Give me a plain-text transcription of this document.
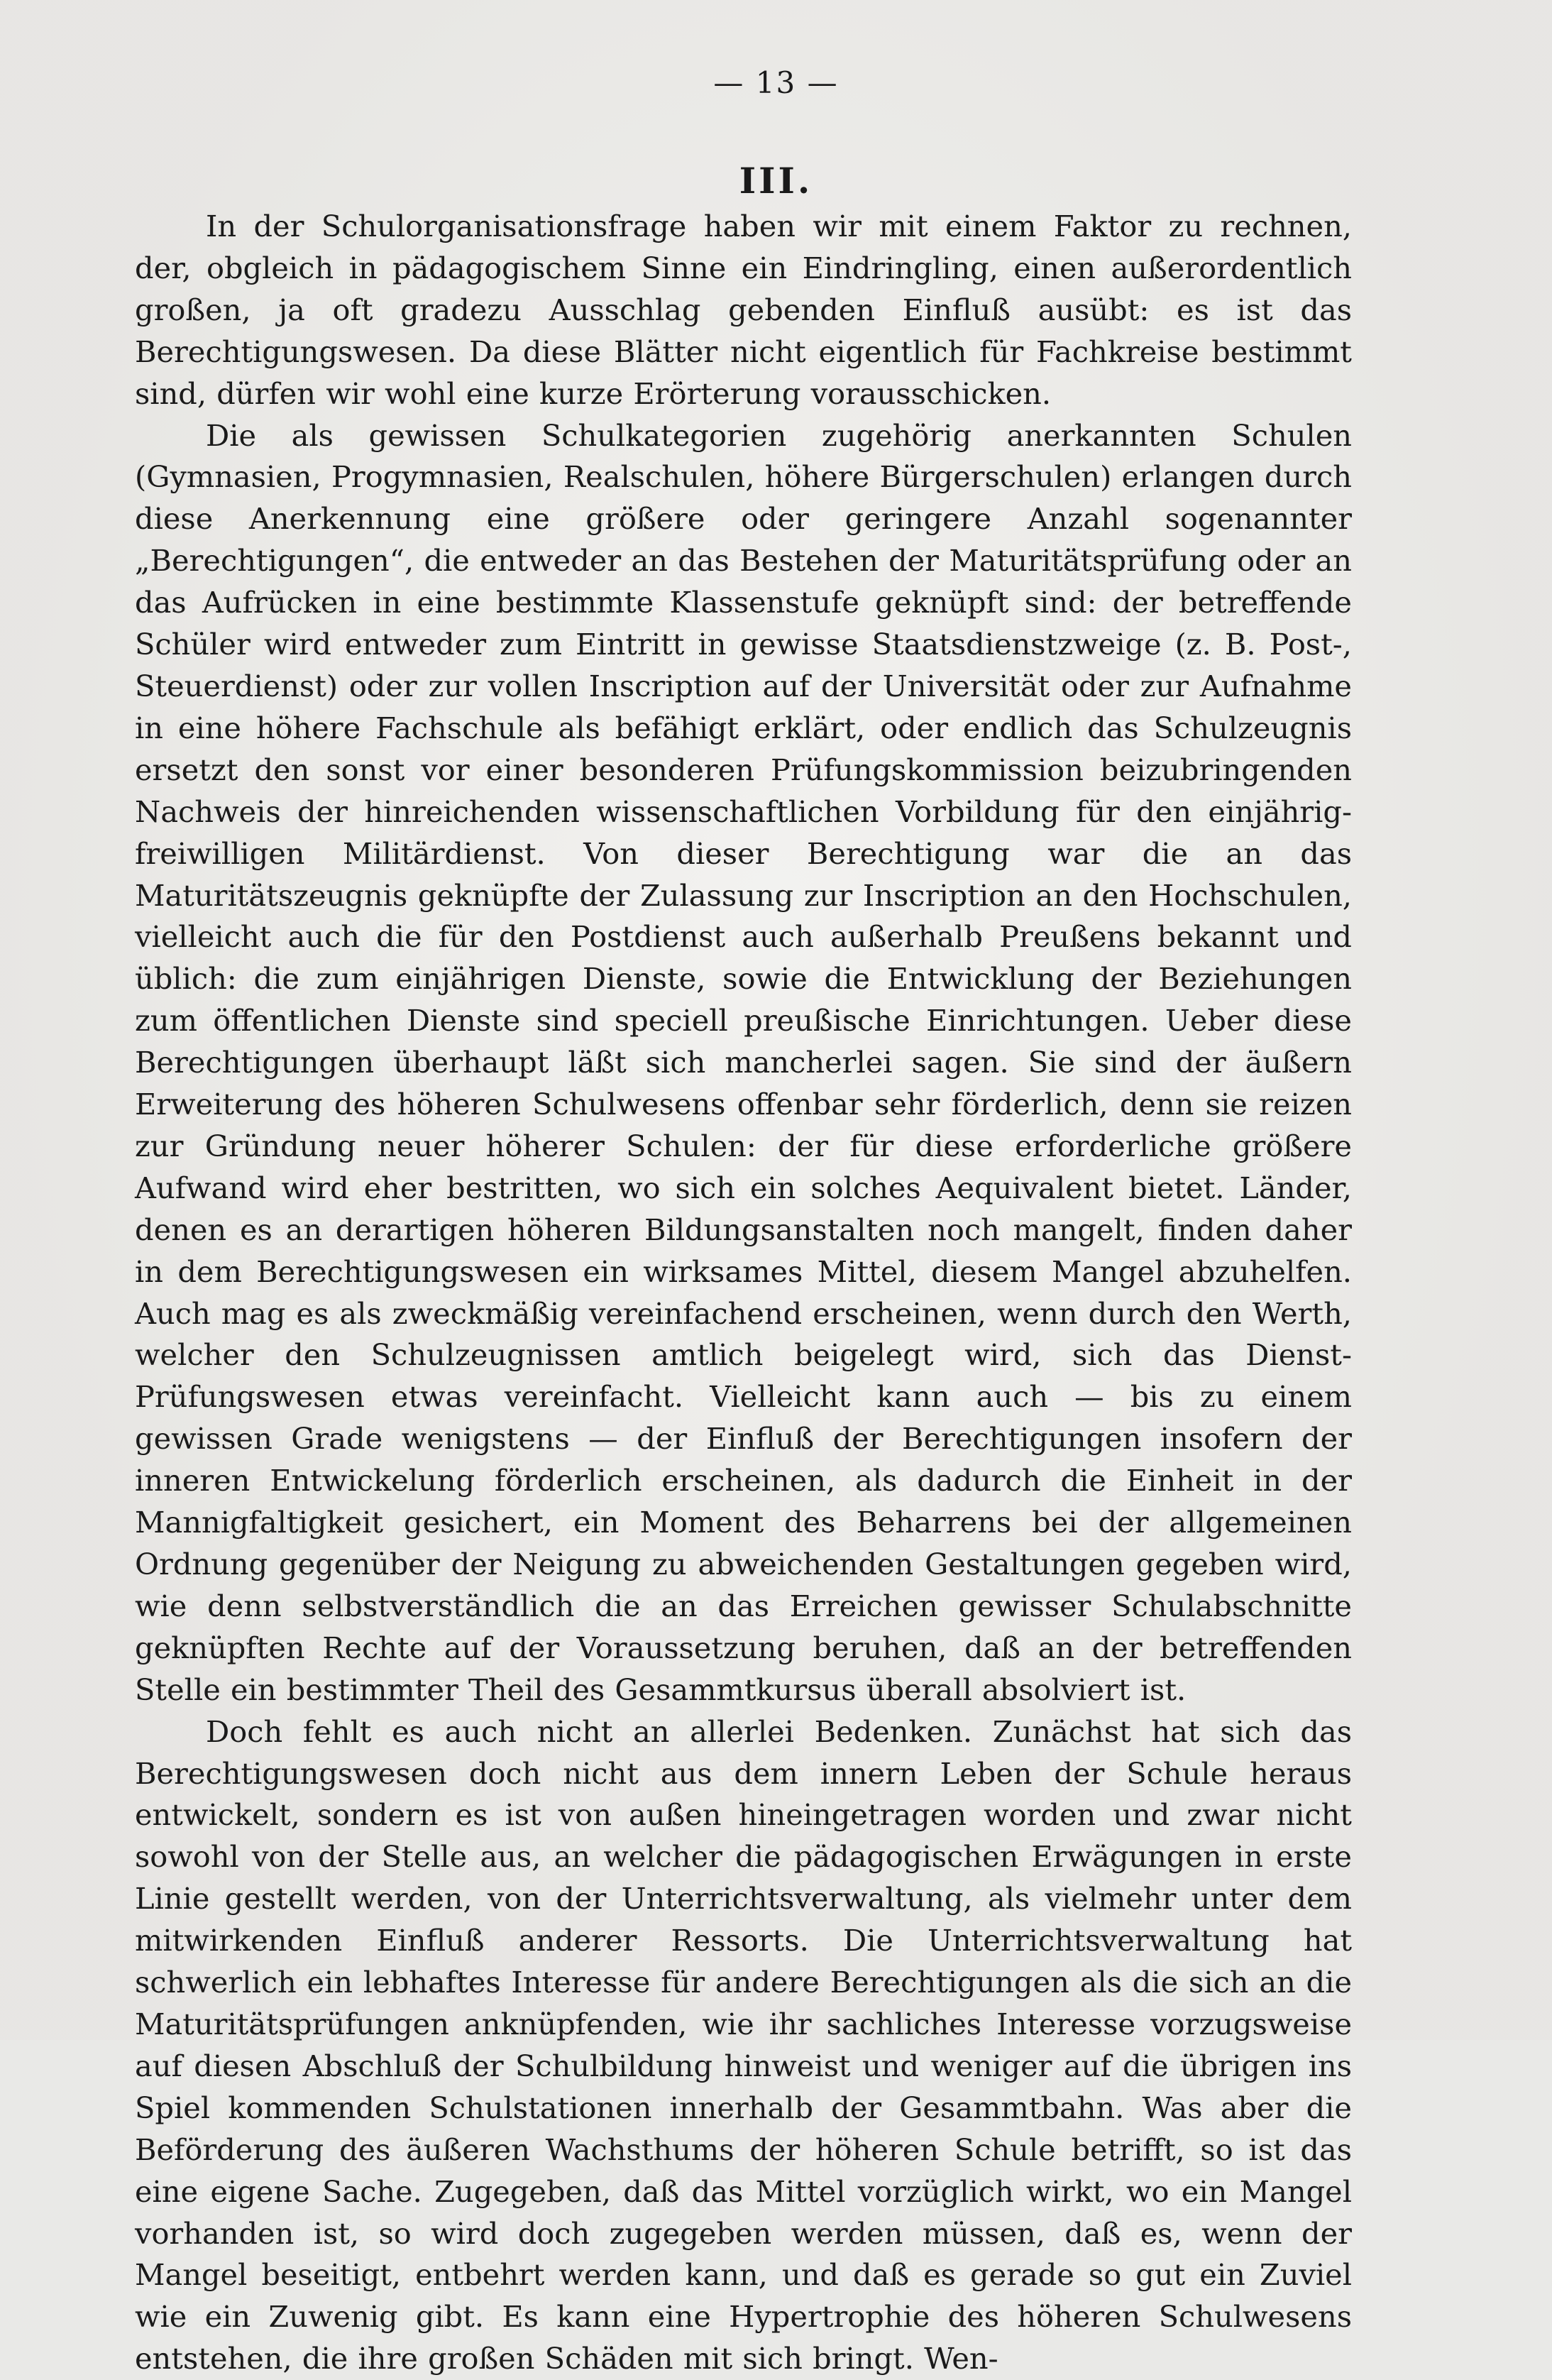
— 13 —
III.

In der Schulorganisationsfrage haben wir mit einem Faktor zu rechnen, der, obgleich in pädagogischem Sinne ein Eindringling, einen außerordentlich großen, ja oft gradezu Ausschlag gebenden Einfluß ausübt: es ist das Berechtigungswesen. Da diese Blätter nicht eigentlich für Fachkreise bestimmt sind, dürfen wir wohl eine kurze Erörterung vorausschicken.

Die als gewissen Schulkategorien zugehörig anerkannten Schulen (Gymnasien, Progymnasien, Realschulen, höhere Bürgerschulen) erlangen durch diese Anerkennung eine größere oder geringere Anzahl sogenannter „Berechtigungen“, die entweder an das Bestehen der Maturitätsprüfung oder an das Aufrücken in eine bestimmte Klassenstufe geknüpft sind: der betreffende Schüler wird entweder zum Eintritt in gewisse Staatsdienstzweige (z. B. Post-, Steuerdienst) oder zur vollen Inscription auf der Universität oder zur Aufnahme in eine höhere Fachschule als befähigt erklärt, oder endlich das Schulzeugnis ersetzt den sonst vor einer besonderen Prüfungskommission beizubringenden Nachweis der hinreichenden wissenschaftlichen Vorbildung für den einjährig-freiwilligen Militärdienst. Von dieser Berechtigung war die an das Maturitätszeugnis geknüpfte der Zulassung zur Inscription an den Hochschulen, vielleicht auch die für den Postdienst auch außerhalb Preußens bekannt und üblich: die zum einjährigen Dienste, sowie die Entwicklung der Beziehungen zum öffentlichen Dienste sind speciell preußische Einrichtungen. Ueber diese Berechtigungen überhaupt läßt sich mancherlei sagen. Sie sind der äußern Erweiterung des höheren Schulwesens offenbar sehr förderlich, denn sie reizen zur Gründung neuer höherer Schulen: der für diese erforderliche größere Aufwand wird eher bestritten, wo sich ein solches Aequivalent bietet. Länder, denen es an derartigen höheren Bildungsanstalten noch mangelt, finden daher in dem Berechtigungswesen ein wirksames Mittel, diesem Mangel abzuhelfen. Auch mag es als zweckmäßig vereinfachend erscheinen, wenn durch den Werth, welcher den Schulzeugnissen amtlich beigelegt wird, sich das Dienst-Prüfungswesen etwas vereinfacht. Vielleicht kann auch — bis zu einem gewissen Grade wenigstens — der Einfluß der Berechtigungen insofern der inneren Entwickelung förderlich erscheinen, als dadurch die Einheit in der Mannigfaltigkeit gesichert, ein Moment des Beharrens bei der allgemeinen Ordnung gegenüber der Neigung zu abweichenden Gestaltungen gegeben wird, wie denn selbstverständlich die an das Erreichen gewisser Schulabschnitte geknüpften Rechte auf der Voraussetzung beruhen, daß an der betreffenden Stelle ein bestimmter Theil des Gesammtkursus überall absolviert ist.

Doch fehlt es auch nicht an allerlei Bedenken. Zunächst hat sich das Berechtigungswesen doch nicht aus dem innern Leben der Schule heraus entwickelt, sondern es ist von außen hineingetragen worden und zwar nicht sowohl von der Stelle aus, an welcher die pädagogischen Erwägungen in erste Linie gestellt werden, von der Unterrichtsverwaltung, als vielmehr unter dem mitwirkenden Einfluß anderer Ressorts. Die Unterrichtsverwaltung hat schwerlich ein lebhaftes Interesse für andere Berechtigungen als die sich an die Maturitätsprüfungen anknüpfenden, wie ihr sachliches Interesse vorzugsweise auf diesen Abschluß der Schulbildung hinweist und weniger auf die übrigen ins Spiel kommenden Schulstationen innerhalb der Gesammtbahn. Was aber die Beförderung des äußeren Wachsthums der höheren Schule betrifft, so ist das eine eigene Sache. Zugegeben, daß das Mittel vorzüglich wirkt, wo ein Mangel vorhanden ist, so wird doch zugegeben werden müssen, daß es, wenn der Mangel beseitigt, entbehrt werden kann, und daß es gerade so gut ein Zuviel wie ein Zuwenig gibt. Es kann eine Hypertrophie des höheren Schulwesens entstehen, die ihre großen Schäden mit sich bringt. Wen-
